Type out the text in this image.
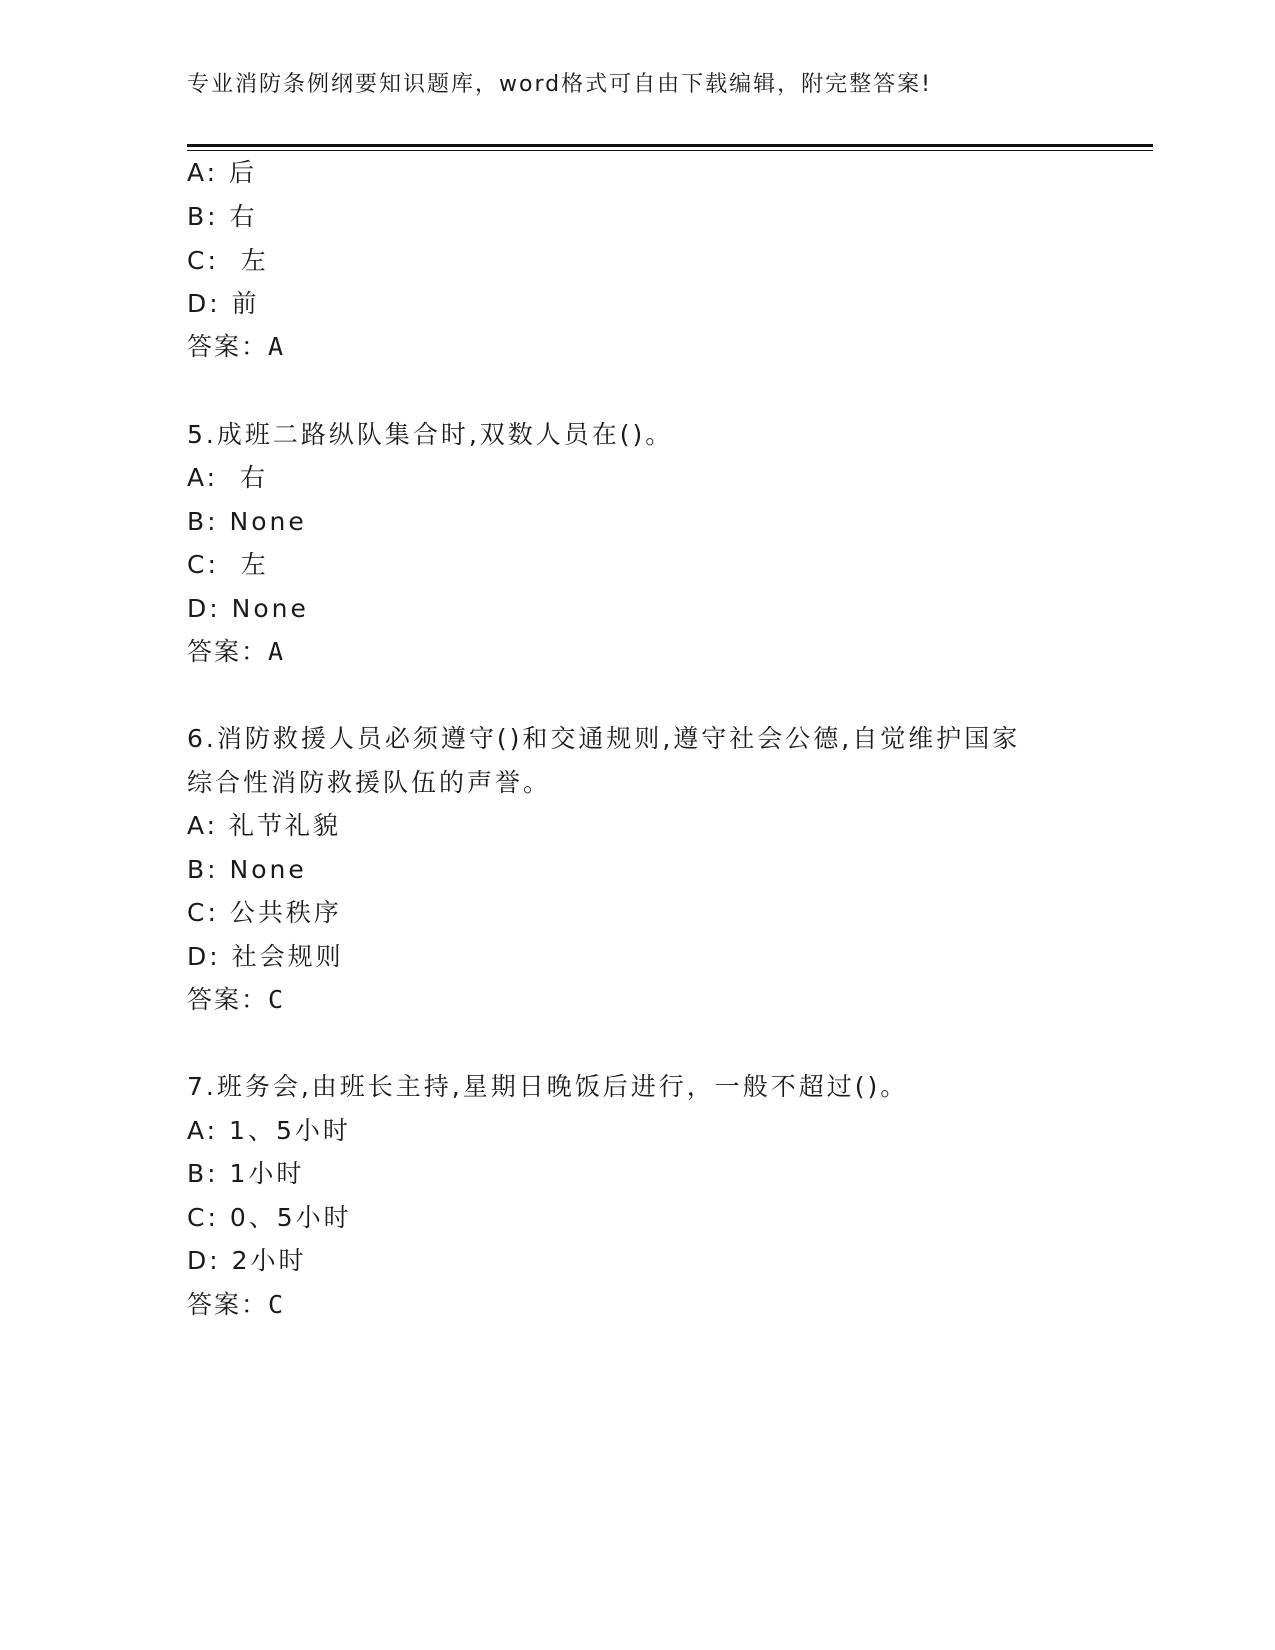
专业消防条例纲要知识题库，word格式可自由下载编辑，附完整答案!
A: 后
B: 右
C:  左
D: 前
答案：A
5.成班二路纵队集合时,双数人员在()。
A:  右
B: None
C:  左
D: None
答案：A
6.消防救援人员必须遵守()和交通规则,遵守社会公德,自觉维护国家
综合性消防救援队伍的声誉。
A: 礼节礼貌
B: None
C: 公共秩序
D: 社会规则
答案：C
7.班务会,由班长主持,星期日晚饭后进行，一般不超过()。
A: 1、5小时
B: 1小时
C: 0、5小时
D: 2小时
答案：C
